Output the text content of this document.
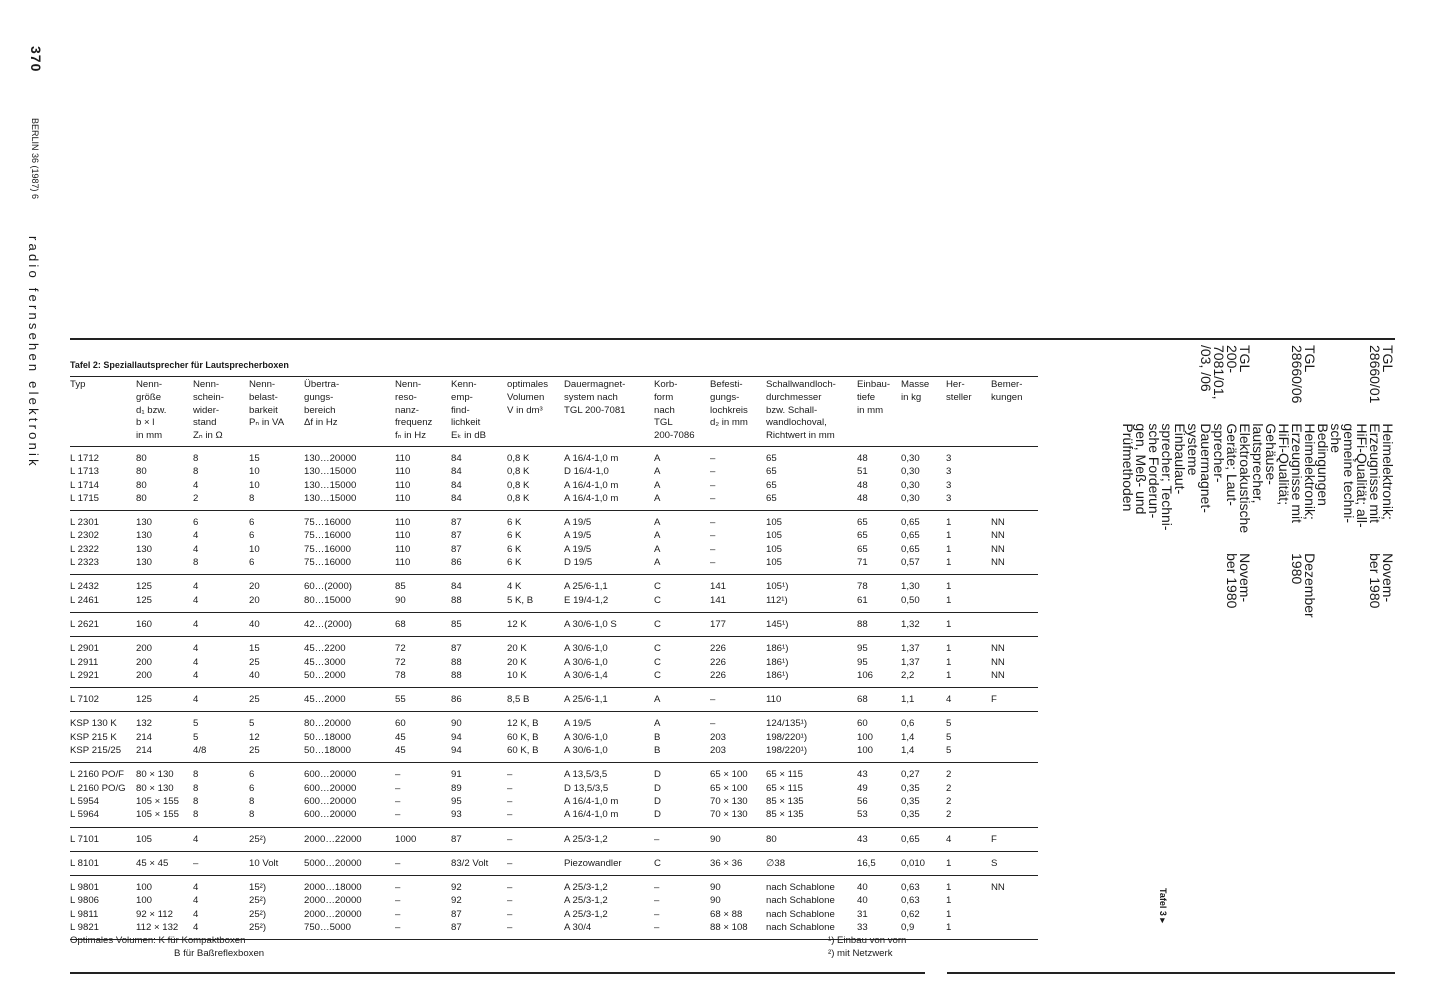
370
BERLIN 36 (1987) 6
radio fernsehen elektronik	Tafel 2: Speziallautsprecher für Lautsprecherboxen
Typ	Nenn-
größe
d₁ bzw.
b × l
in mm	Nenn-
schein-
wider-
stand
Zₙ in Ω	Nenn-
belast-
barkeit
Pₙ in VA	Übertra-
gungs-
bereich
Δf in Hz	Nenn-
reso-
nanz-
frequenz
fₙ in Hz	Kenn-
emp-
find-
lichkeit
Eₖ in dB	optimales
Volumen
V in dm³	Dauermagnet-
system nach
TGL 200-7081	Korb-
form
nach
TGL
200-7086	Befesti-
gungs-
lochkreis
d₂ in mm	Schallwandloch-
durchmesser
bzw. Schall-
wandlochoval,
Richtwert in mm	Einbau-
tiefe
in mm	Masse
in kg	Her-
steller	Bemer-
kungen
L 1712	80	8	15	130…20000	110	84	0,8 K	A 16/4-1,0 m	A	–	65	48	0,30	3	
L 1713	80	8	10	130…15000	110	84	0,8 K	D 16/4-1,0	A	–	65	51	0,30	3	
L 1714	80	4	10	130…15000	110	84	0,8 K	A 16/4-1,0 m	A	–	65	48	0,30	3	
L 1715	80	2	8	130…15000	110	84	0,8 K	A 16/4-1,0 m	A	–	65	48	0,30	3	
L 2301	130	6	6	75…16000	110	87	6 K	A 19/5	A	–	105	65	0,65	1	NN
L 2302	130	4	6	75…16000	110	87	6 K	A 19/5	A	–	105	65	0,65	1	NN
L 2322	130	4	10	75…16000	110	87	6 K	A 19/5	A	–	105	65	0,65	1	NN
L 2323	130	8	6	75…16000	110	86	6 K	D 19/5	A	–	105	71	0,57	1	NN
L 2432	125	4	20	60…(2000)	85	84	4 K	A 25/6-1,1	C	141	105¹)	78	1,30	1	
L 2461	125	4	20	80…15000	90	88	5 K, B	E 19/4-1,2	C	141	112¹)	61	0,50	1	
L 2621	160	4	40	42…(2000)	68	85	12 K	A 30/6-1,0 S	C	177	145¹)	88	1,32	1	
L 2901	200	4	15	45…2200	72	87	20 K	A 30/6-1,0	C	226	186¹)	95	1,37	1	NN
L 2911	200	4	25	45…3000	72	88	20 K	A 30/6-1,0	C	226	186¹)	95	1,37	1	NN
L 2921	200	4	40	50…2000	78	88	10 K	A 30/6-1,4	C	226	186¹)	106	2,2	1	NN
L 7102	125	4	25	45…2000	55	86	8,5 B	A 25/6-1,1	A	–	110	68	1,1	4	F
KSP 130 K	132	5	5	80…20000	60	90	12 K, B	A 19/5	A	–	124/135¹)	60	0,6	5	
KSP 215 K	214	5	12	50…18000	45	94	60 K, B	A 30/6-1,0	B	203	198/220¹)	100	1,4	5	
KSP 215/25	214	4/8	25	50…18000	45	94	60 K, B	A 30/6-1,0	B	203	198/220¹)	100	1,4	5	
L 2160 PO/F	80 × 130	8	6	600…20000	–	91	–	A 13,5/3,5	D	65 × 100	65 × 115	43	0,27	2	
L 2160 PO/G	80 × 130	8	6	600…20000	–	89	–	D 13,5/3,5	D	65 × 100	65 × 115	49	0,35	2	
L 5954	105 × 155	8	8	600…20000	–	95	–	A 16/4-1,0 m	D	70 × 130	85 × 135	56	0,35	2	
L 5964	105 × 155	8	8	600…20000	–	93	–	A 16/4-1,0 m	D	70 × 130	85 × 135	53	0,35	2	
L 7101	105	4	25²)	2000…22000	1000	87	–	A 25/3-1,2	–	90	80	43	0,65	4	F
L 8101	45 × 45	–	10 Volt	5000…20000	–	83/2 Volt	–	Piezowandler	C	36 × 36	∅38	16,5	0,010	1	S
L 9801	100	4	15²)	2000…18000	–	92	–	A 25/3-1,2	–	90	nach Schablone	40	0,63	1	NN
L 9806	100	4	25²)	2000…20000	–	92	–	A 25/3-1,2	–	90	nach Schablone	40	0,63	1	
L 9811	92 × 112	4	25²)	2000…20000	–	87	–	A 25/3-1,2	–	68 × 88	nach Schablone	31	0,62	1	
L 9821	112 × 132	4	25²)	750…5000	–	87	–	A 30/4	–	88 × 108	nach Schablone	33	0,9	1	
Optimales Volumen: K für Kompaktboxen
B für Baßreflexboxen
¹) Einbau von vorn
²) mit Netzwerk
TGL
28660/01	Heimelektronik;
Erzeugnisse mit
HiFi-Qualität; all-
gemeine techni-
sche Bedingungen	Novem-
ber 1980
TGL
28660/06	Heimelektronik;
Erzeugnisse mit
HiFi-Qualität;
Gehäuse-
lautsprecher,	Dezember
1980
TGL
200-7081/01,
/03, /06	Elektroakustische
Geräte; Laut-
sprecher-
Dauermagnet-
systeme	Novem-
ber 1980
	Einbaulaut-
sprecher; Techni-
sche Forderun-
gen, Meß- und
Prüfmethoden	
Tafel 3 ▸
